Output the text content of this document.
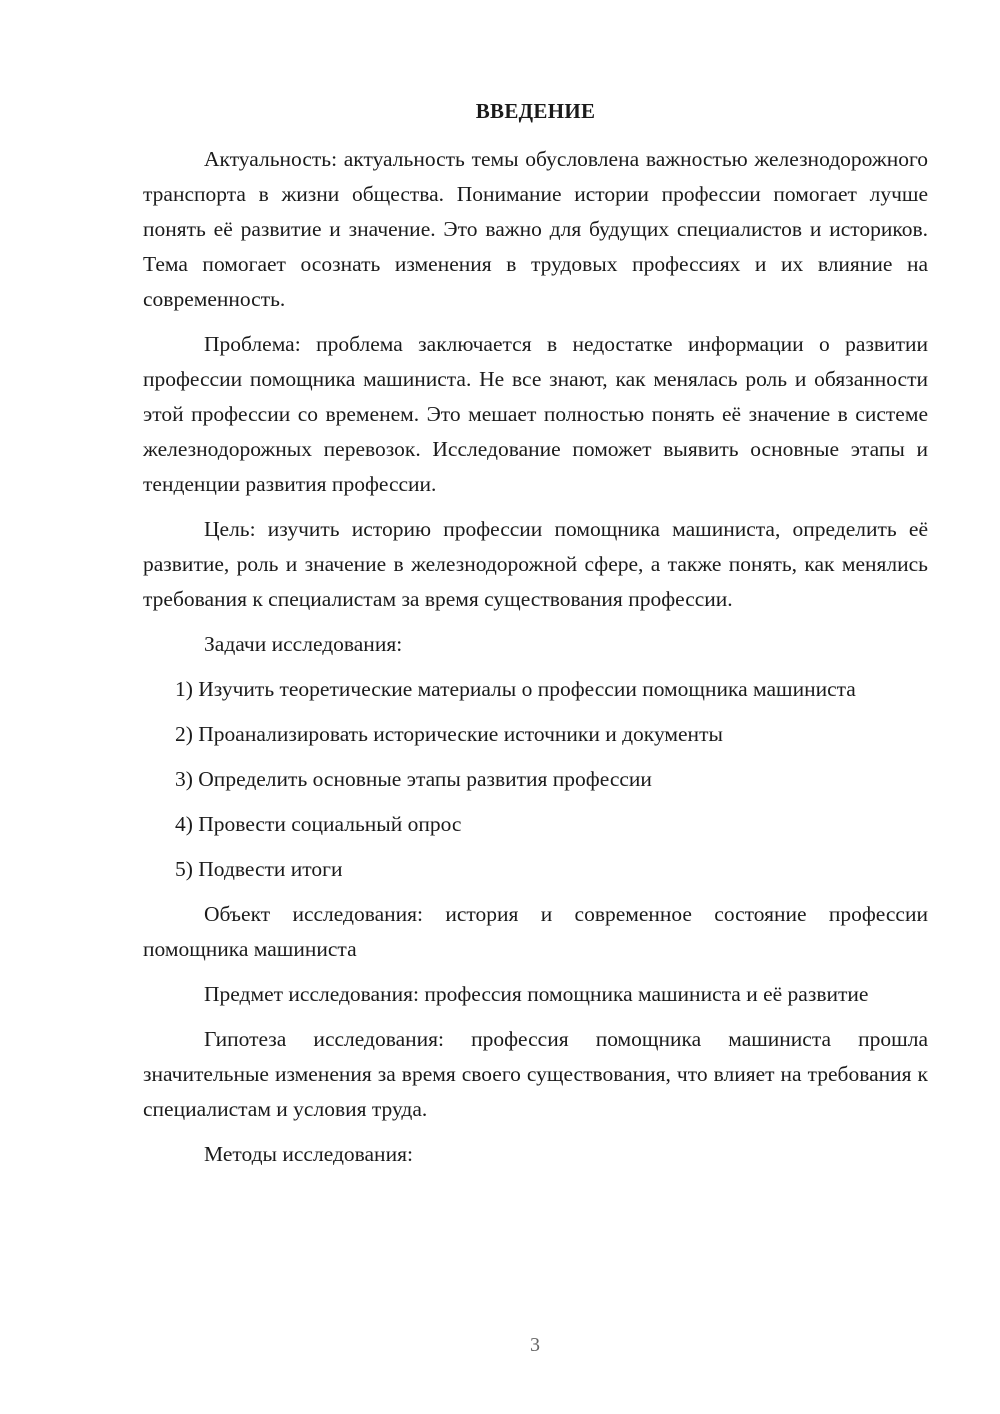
ВВЕДЕНИЕ

Актуальность: актуальность темы обусловлена важностью железнодорожного транспорта в жизни общества. Понимание истории профессии помогает лучше понять её развитие и значение. Это важно для будущих специалистов и историков. Тема помогает осознать изменения в трудовых профессиях и их влияние на современность.

Проблема: проблема заключается в недостатке информации о развитии профессии помощника машиниста. Не все знают, как менялась роль и обязанности этой профессии со временем. Это мешает полностью понять её значение в системе железнодорожных перевозок. Исследование поможет выявить основные этапы и тенденции развития профессии.

Цель: изучить историю профессии помощника машиниста, определить её развитие, роль и значение в железнодорожной сфере, а также понять, как менялись требования к специалистам за время существования профессии.

Задачи исследования:

1) Изучить теоретические материалы о профессии помощника машиниста

2) Проанализировать исторические источники и документы

3) Определить основные этапы развития профессии

4) Провести социальный опрос

5) Подвести итоги

Объект исследования: история и современное состояние профессии помощника машиниста

Предмет исследования: профессия помощника машиниста и её развитие

Гипотеза исследования: профессия помощника машиниста прошла значительные изменения за время своего существования, что влияет на требования к специалистам и условия труда.

Методы исследования:

3
